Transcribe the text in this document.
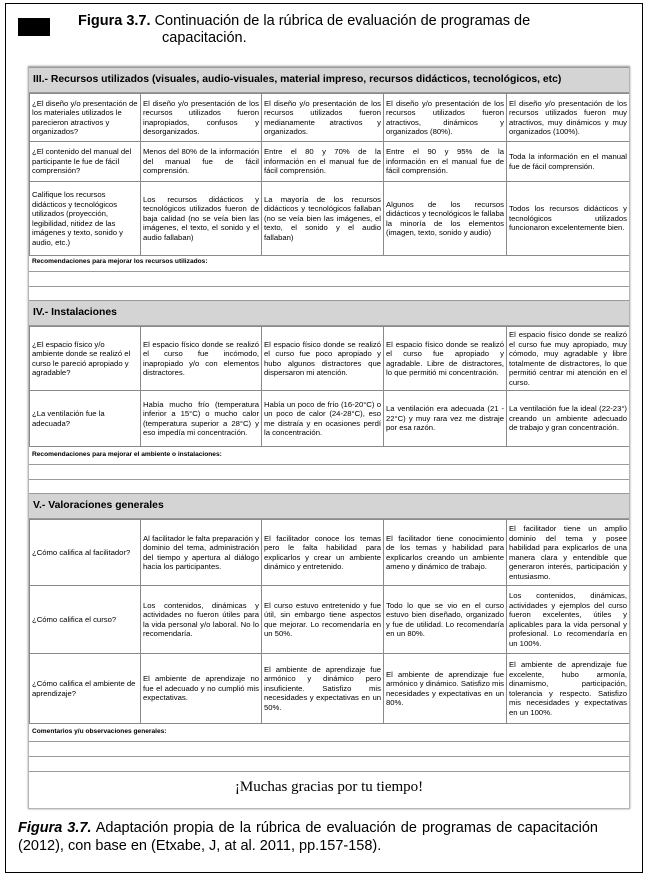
Figura 3.7. Continuación de la rúbrica de evaluación de programas de
capacitación.
III.- Recursos utilizados (visuales, audio-visuales, material impreso, recursos didácticos, tecnológicos, etc)
¿El diseño y/o presentación de los materiales utilizados le parecieron atractivos y organizados?	El diseño y/o presentación de los recursos utilizados fueron inapropiados, confusos y desorganizados.	El diseño y/o presentación de los recursos utilizados fueron medianamente atractivos y organizados.	El diseño y/o presentación de los recursos utilizados fueron atractivos, dinámicos y organizados (80%).	El diseño y/o presentación de los recursos utilizados fueron muy atractivos, muy dinámicos y muy organizados (100%).
¿El contenido del manual del participante le fue de fácil comprensión?	Menos del 80% de la información del manual fue de fácil comprensión.	Entre el 80 y 70% de la información en el manual fue de fácil comprensión.	Entre el 90 y 95% de la información en el manual fue de fácil comprensión.	Toda la información en el manual fue de fácil comprensión.
Califique los recursos didácticos y tecnológicos utilizados (proyección, legibilidad, nitidez de las imágenes y texto, sonido y audio, etc.)	Los recursos didácticos y tecnológicos utilizados fueron de baja calidad (no se veía bien las imágenes, el texto, el sonido y el audio fallaban)	La mayoría de los recursos didácticos y tecnológicos fallaban (no se veía bien las imágenes, el texto, el sonido y el audio fallaban)	Algunos de los recursos didácticos y tecnológicos le fallaba la minoría de los elementos (imagen, texto, sonido y audio)	Todos los recursos didácticos y tecnológicos utilizados funcionaron excelentemente bien.
Recomendaciones para mejorar los recursos utilizados:
IV.- Instalaciones
¿El espacio físico y/o ambiente donde se realizó el curso le pareció apropiado y agradable?	El espacio físico donde se realizó el curso fue incómodo, inapropiado y/o con elementos distractores.	El espacio físico donde se realizó el curso fue poco apropiado y hubo algunos distractores que dispersaron mi atención.	El espacio físico donde se realizó el curso fue apropiado y agradable. Libre de distractores, lo que permitió mi concentración.	El espacio físico donde se realizó el curso fue muy apropiado, muy cómodo, muy agradable y libre totalmente de distractores, lo que permitió centrar mi atención en el curso.
¿La ventilación fue la adecuada?	Había mucho frío (temperatura inferior a 15°C) o mucho calor (temperatura superior a 28°C) y eso impedía mi concentración.	Había un poco de frío (16-20°C) o un poco de calor (24-28°C), eso me distraía y en ocasiones perdí la concentración.	La ventilación era adecuada (21 - 22°C) y muy rara vez me distraje por esa razón.	La ventilación fue la ideal (22-23°) creando un ambiente adecuado de trabajo y gran concentración.
Recomendaciones para mejorar el ambiente o instalaciones:
V.- Valoraciones generales
¿Cómo califica al facilitador?	Al facilitador le falta preparación y dominio del tema, administración del tiempo y apertura al diálogo hacia los participantes.	El facilitador conoce los temas pero le falta habilidad para explicarlos y crear un ambiente dinámico y entretenido.	El facilitador tiene conocimiento de los temas y habilidad para explicarlos creando un ambiente ameno y dinámico de trabajo.	El facilitador tiene un amplio dominio del tema y posee habilidad para explicarlos de una manera clara y entendible que generaron interés, participación y entusiasmo.
¿Cómo califica el curso?	Los contenidos, dinámicas y actividades no fueron útiles para la vida personal y/o laboral. No lo recomendaría.	El curso estuvo entretenido y fue útil, sin embargo tiene aspectos que mejorar. Lo recomendaría en un 50%.	Todo lo que se vio en el curso estuvo bien diseñado, organizado y fue de utilidad. Lo recomendaría en un 80%.	Los contenidos, dinámicas, actividades y ejemplos del curso fueron excelentes, útiles y aplicables para la vida personal y profesional. Lo recomendaría en un 100%.
¿Cómo califica el ambiente de aprendizaje?	El ambiente de aprendizaje no fue el adecuado y no cumplió mis expectativas.	El ambiente de aprendizaje fue armónico y dinámico pero insuficiente. Satisfizo mis necesidades y expectativas en un 50%.	El ambiente de aprendizaje fue armónico y dinámico. Satisfizo mis necesidades y expectativas en un 80%.	El ambiente de aprendizaje fue excelente, hubo armonía, dinamismo, participación, tolerancia y respecto. Satisfizo mis necesidades y expectativas en un 100%.
Comentarios y/u observaciones generales:
¡Muchas gracias por tu tiempo!
Figura 3.7. Adaptación propia de la rúbrica de evaluación de programas de capacitación (2012), con base en (Etxabe, J, at al. 2011, pp.157-158).
